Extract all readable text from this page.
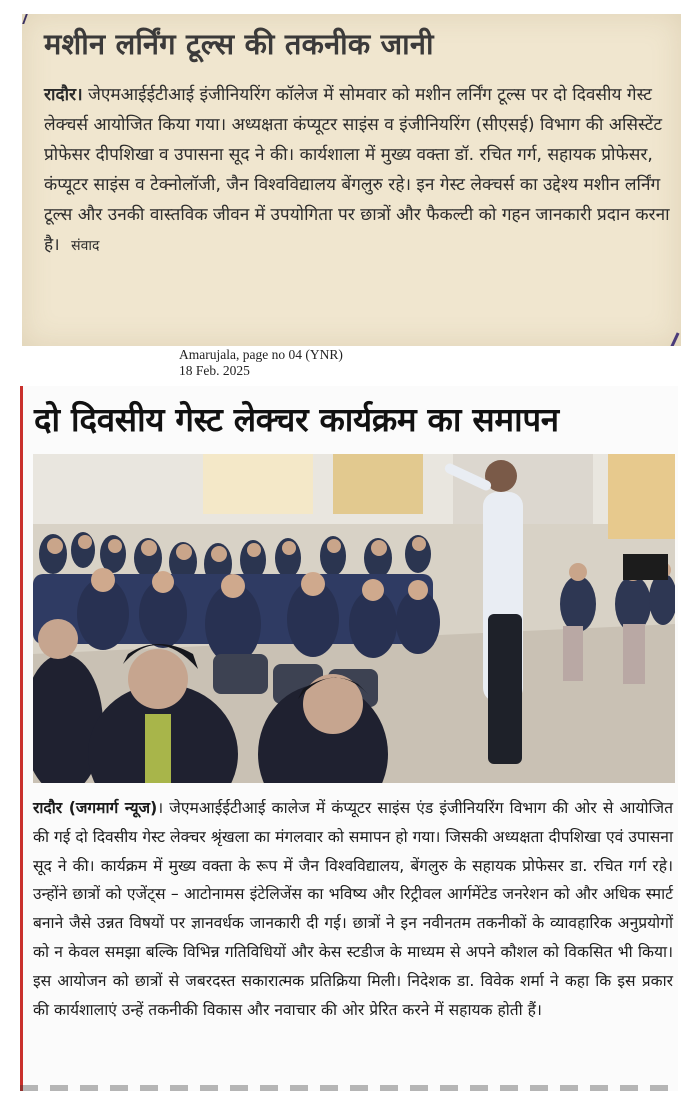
मशीन लर्निंग टूल्स की तकनीक जानी

रादौर। जेएमआईईटीआई इंजीनियरिंग कॉलेज में सोमवार को मशीन लर्निंग टूल्स पर दो दिवसीय गेस्ट लेक्चर्स आयोजित किया गया। अध्यक्षता कंप्यूटर साइंस व इंजीनियरिंग (सीएसई) विभाग की असिस्टेंट प्रोफेसर दीपशिखा व उपासना सूद ने की। कार्यशाला में मुख्य वक्ता डॉ. रचित गर्ग, सहायक प्रोफेसर, कंप्यूटर साइंस व टेक्नोलॉजी, जैन विश्वविद्यालय बेंगलुरु रहे। इन गेस्ट लेक्चर्स का उद्देश्य मशीन लर्निंग टूल्स और उनकी वास्तविक जीवन में उपयोगिता पर छात्रों और फैकल्टी को गहन जानकारी प्रदान करना है। संवाद

Amarujala, page no 04 (YNR)
18 Feb. 2025
दो दिवसीय गेस्ट लेक्चर कार्यक्रम का समापन

रादौर (जगमार्ग न्यूज)। जेएमआईईटीआई कालेज में कंप्यूटर साइंस एंड इंजीनियरिंग विभाग की ओर से आयोजित की गई दो दिवसीय गेस्ट लेक्चर श्रृंखला का मंगलवार को समापन हो गया। जिसकी अध्यक्षता दीपशिखा एवं उपासना सूद ने की। कार्यक्रम में मुख्य वक्ता के रूप में जैन विश्वविद्यालय, बेंगलुरु के सहायक प्रोफेसर डा. रचित गर्ग रहे। उन्होंने छात्रों को एजेंट्स – आटोनामस इंटेलिजेंस का भविष्य और रिट्रीवल आर्गमेंटेड जनरेशन को और अधिक स्मार्ट बनाने जैसे उन्नत विषयों पर ज्ञानवर्धक जानकारी दी गई। छात्रों ने इन नवीनतम तकनीकों के व्यावहारिक अनुप्रयोगों को न केवल समझा बल्कि विभिन्न गतिविधियों और केस स्टडीज के माध्यम से अपने कौशल को विकसित भी किया। इस आयोजन को छात्रों से जबरदस्त सकारात्मक प्रतिक्रिया मिली। निदेशक डा. विवेक शर्मा ने कहा कि इस प्रकार की कार्यशालाएं उन्हें तकनीकी विकास और नवाचार की ओर प्रेरित करने में सहायक होती हैं।
